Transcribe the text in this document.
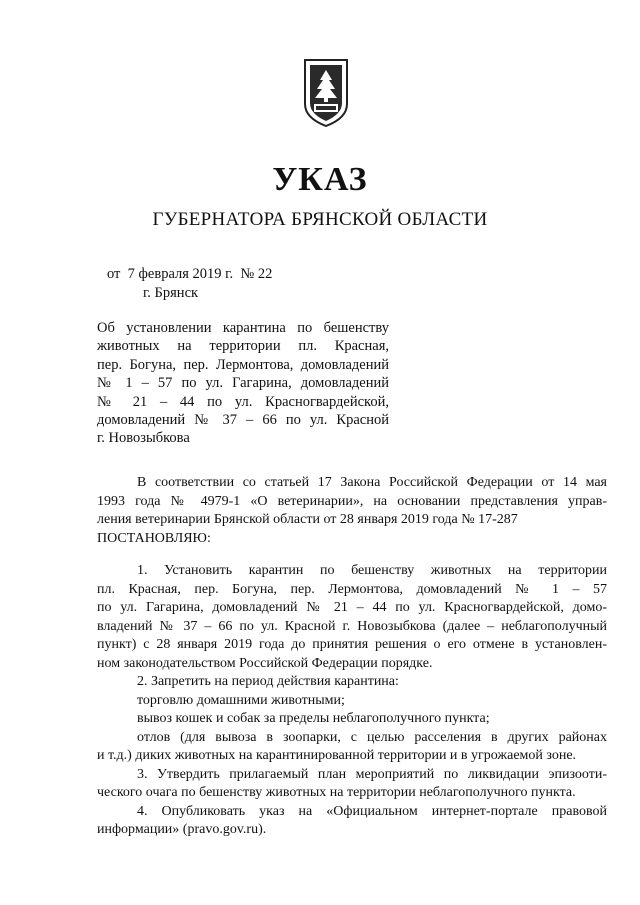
УКАЗ
ГУБЕРНАТОРА БРЯНСКОЙ ОБЛАСТИ
от  7 февраля 2019 г.  № 22
г. Брянск
Об установлении карантина по бешенству
животных на территории пл. Красная,
пер. Богуна, пер. Лермонтова, домовладений
№ 1 – 57 по ул. Гагарина, домовладений
№ 21 – 44 по ул. Красногвардейской,
домовладений № 37 – 66 по ул. Красной
г. Новозыбкова
В соответствии со статьей 17 Закона Российской Федерации от 14 мая
1993 года № 4979-1 «О ветеринарии», на основании представления управ-
ления ветеринарии Брянской области от 28 января 2019 года № 17-287
ПОСТАНОВЛЯЮ:
1. Установить карантин по бешенству животных на территории
пл. Красная, пер. Богуна, пер. Лермонтова, домовладений № 1 – 57
по ул. Гагарина, домовладений № 21 – 44 по ул. Красногвардейской, домо-
владений № 37 – 66 по ул. Красной г. Новозыбкова (далее – неблагополучный
пункт) с 28 января 2019 года до принятия решения о его отмене в установлен-
ном законодательством Российской Федерации порядке.
2. Запретить на период действия карантина:
торговлю домашними животными;
вывоз кошек и собак за пределы неблагополучного пункта;
отлов (для вывоза в зоопарки, с целью расселения в других районах
и т.д.) диких животных на карантинированной территории и в угрожаемой зоне.
3. Утвердить прилагаемый план мероприятий по ликвидации эпизооти-
ческого очага по бешенству животных на территории неблагополучного пункта.
4. Опубликовать указ на «Официальном интернет-портале правовой
информации» (pravo.gov.ru).
